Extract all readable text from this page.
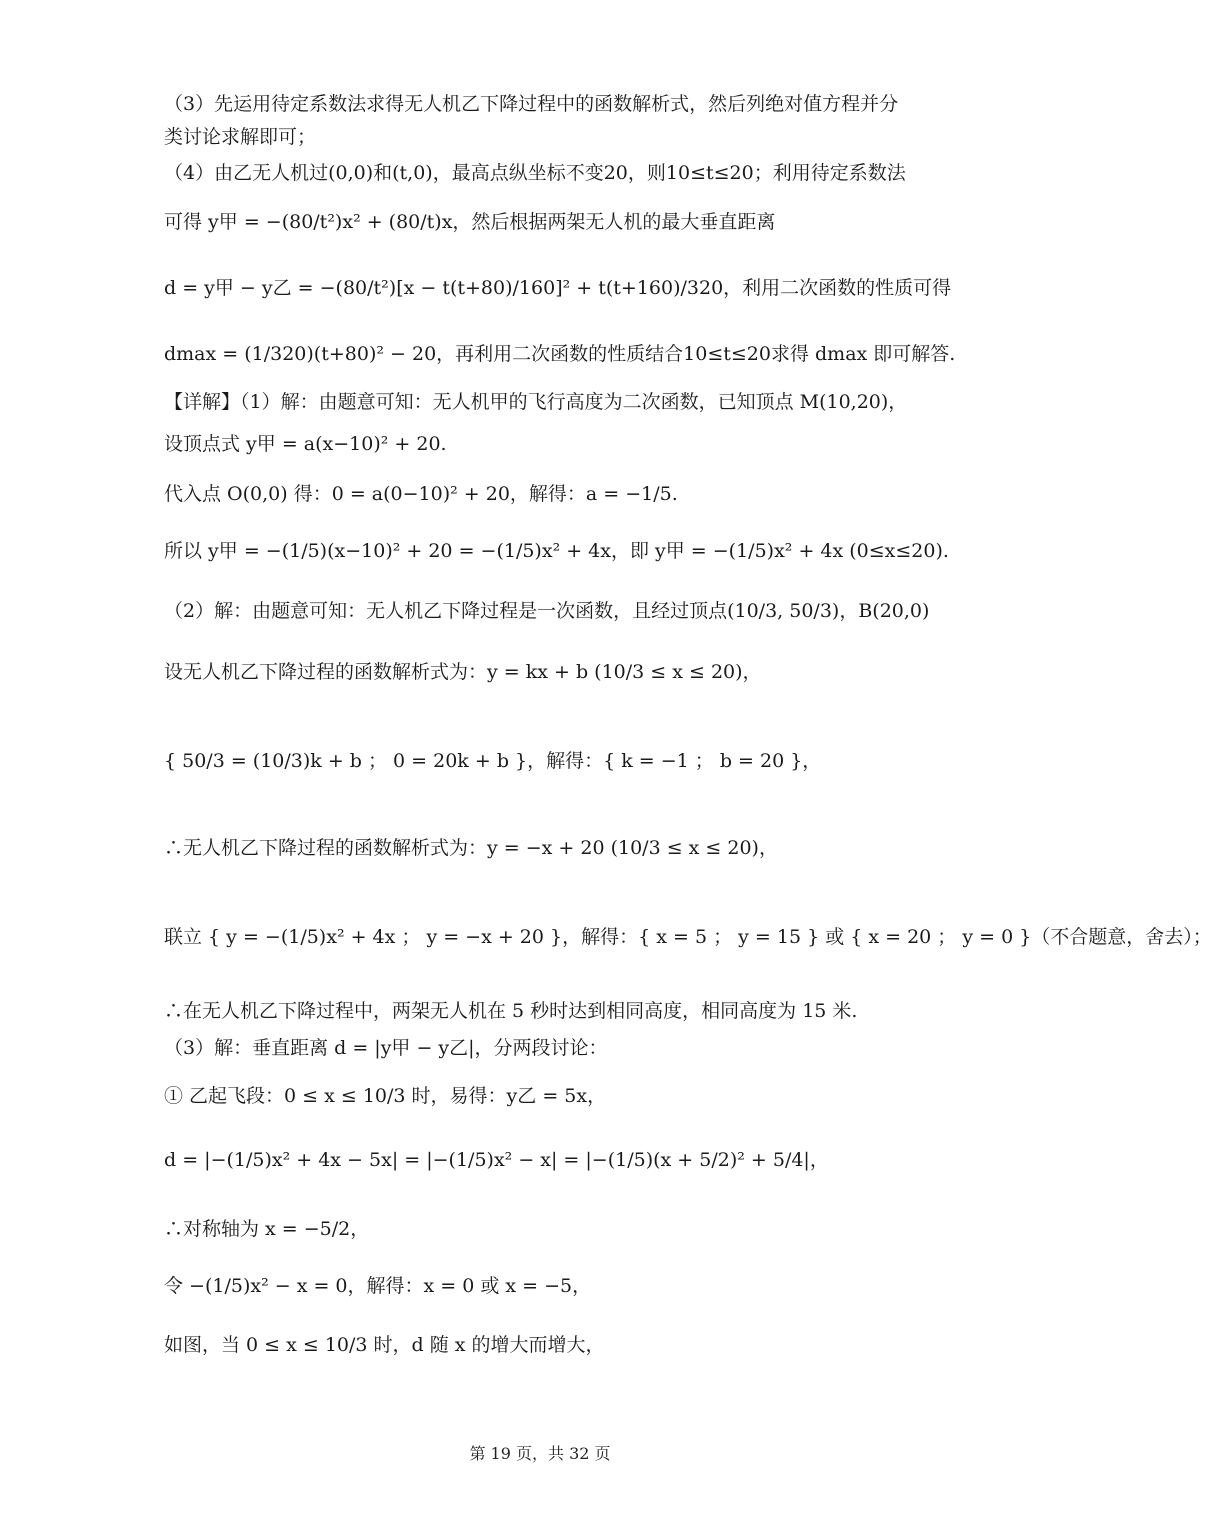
（3）先运用待定系数法求得无人机乙下降过程中的函数解析式，然后列绝对值方程并分
类讨论求解即可；
（4）由乙无人机过(0,0)和(t,0)，最高点纵坐标不变20，则10≤t≤20；利用待定系数法
可得 y甲 = −(80/t²)x² + (80/t)x，然后根据两架无人机的最大垂直距离
d = y甲 − y乙 = −(80/t²)[x − t(t+80)/160]² + t(t+160)/320，利用二次函数的性质可得
dmax = (1/320)(t+80)² − 20，再利用二次函数的性质结合10≤t≤20求得 dmax 即可解答.
【详解】（1）解：由题意可知：无人机甲的飞行高度为二次函数，已知顶点 M(10,20)，
设顶点式 y甲 = a(x−10)² + 20.
代入点 O(0,0) 得：0 = a(0−10)² + 20，解得：a = −1/5.
所以 y甲 = −(1/5)(x−10)² + 20 = −(1/5)x² + 4x，即 y甲 = −(1/5)x² + 4x (0≤x≤20).
（2）解：由题意可知：无人机乙下降过程是一次函数，且经过顶点(10/3, 50/3)，B(20,0)
设无人机乙下降过程的函数解析式为：y = kx + b (10/3 ≤ x ≤ 20)，
{ 50/3 = (10/3)k + b ； 0 = 20k + b }，解得：{ k = −1 ； b = 20 }，
∴无人机乙下降过程的函数解析式为：y = −x + 20 (10/3 ≤ x ≤ 20)，
联立 { y = −(1/5)x² + 4x ； y = −x + 20 }，解得：{ x = 5 ； y = 15 } 或 { x = 20 ； y = 0 }（不合题意，舍去）；
∴在无人机乙下降过程中，两架无人机在 5 秒时达到相同高度，相同高度为 15 米.
（3）解：垂直距离 d = |y甲 − y乙|，分两段讨论：
① 乙起飞段：0 ≤ x ≤ 10/3 时，易得：y乙 = 5x，
d = |−(1/5)x² + 4x − 5x| = |−(1/5)x² − x| = |−(1/5)(x + 5/2)² + 5/4|，
∴对称轴为 x = −5/2，
令 −(1/5)x² − x = 0，解得：x = 0 或 x = −5，
如图，当 0 ≤ x ≤ 10/3 时，d 随 x 的增大而增大，
第 19 页，共 32 页
